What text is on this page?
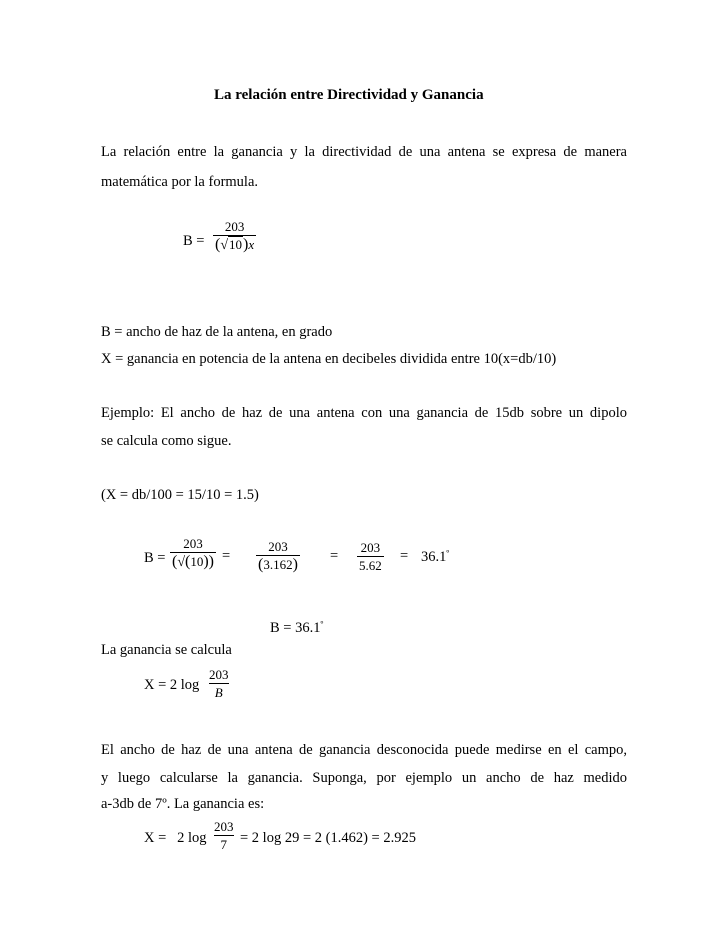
La relación entre Directividad y Ganancia
La relación entre la ganancia y la directividad de una antena se expresa de manera
matemática por la formula.
$B = \frac{203}{(√10)x}$
B = ancho de haz de la antena, en grado
X = ganancia en potencia de la antena en decibeles dividida entre 10(x=db/10)
Ejemplo: El ancho de haz de una antena con una ganancia de 15db sobre un dipolo
se calcula como sigue.
(X = db/100 = 15/10 = 1.5)
$B = \frac{203}{(√(10))} = \frac{203}{(3.162)} = \frac{203}{5.62} = 36.1^º$
$B = 36.1^º$
La ganancia se calcula
X = 2 $\log \frac{203}{B}$
El ancho de haz de una antena de ganancia desconocida puede medirse en el campo,
y luego calcularse la ganancia. Suponga, por ejemplo un ancho de haz medido
a-3db de 7º. La ganancia es:
X =   2 $\log \frac{203}{7} = 2$ log 29 = 2 (1.462) = 2.925
